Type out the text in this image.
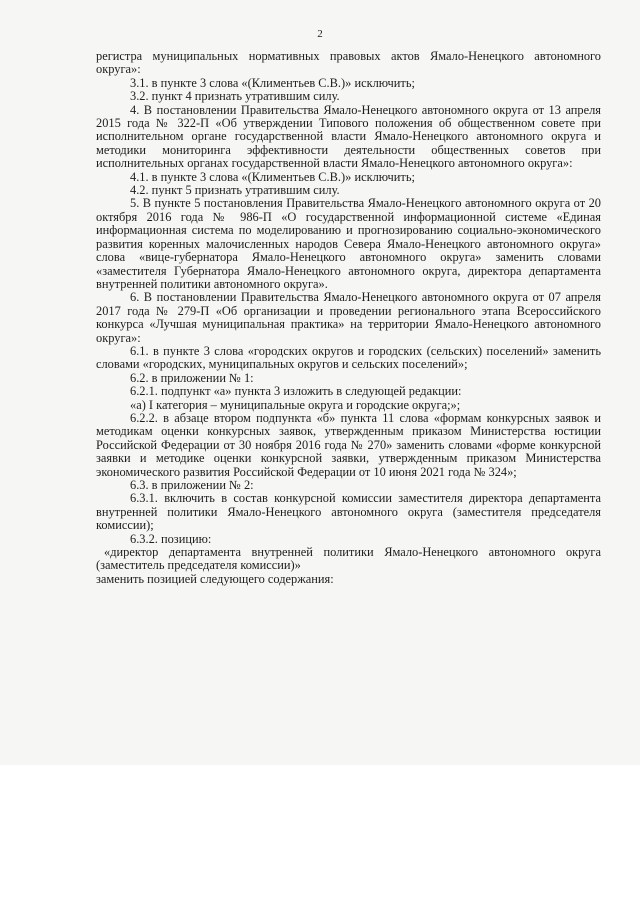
2

регистра муниципальных нормативных правовых актов Ямало-Ненецкого автономного округа»:

3.1. в пункте 3 слова «(Климентьев С.В.)» исключить;

3.2. пункт 4 признать утратившим силу.

4. В постановлении Правительства Ямало-Ненецкого автономного округа от 13 апреля 2015 года № 322-П «Об утверждении Типового положения об общественном совете при исполнительном органе государственной власти Ямало-Ненецкого автономного округа и методики мониторинга эффективности деятельности общественных советов при исполнительных органах государственной власти Ямало-Ненецкого автономного округа»:

4.1. в пункте 3 слова «(Климентьев С.В.)» исключить;

4.2. пункт 5 признать утратившим силу.

5. В пункте 5 постановления Правительства Ямало-Ненецкого автономного округа от 20 октября 2016 года № 986-П «О государственной информационной системе «Единая информационная система по моделированию и прогнозированию социально-экономического развития коренных малочисленных народов Севера Ямало-Ненецкого автономного округа» слова «вице-губернатора Ямало-Ненецкого автономного округа» заменить словами «заместителя Губернатора Ямало-Ненецкого автономного округа, директора департамента внутренней политики автономного округа».

6. В постановлении Правительства Ямало-Ненецкого автономного округа от 07 апреля 2017 года № 279-П «Об организации и проведении регионального этапа Всероссийского конкурса «Лучшая муниципальная практика» на территории Ямало-Ненецкого автономного округа»:

6.1. в пункте 3 слова «городских округов и городских (сельских) поселений» заменить словами «городских, муниципальных округов и сельских поселений»;

6.2. в приложении № 1:

6.2.1. подпункт «а» пункта 3 изложить в следующей редакции:

«а) I категория – муниципальные округа и городские округа;»;

6.2.2. в абзаце втором подпункта «б» пункта 11 слова «формам конкурсных заявок и методикам оценки конкурсных заявок, утвержденным приказом Министерства юстиции Российской Федерации от 30 ноября 2016 года № 270» заменить словами «форме конкурсной заявки и методике оценки конкурсной заявки, утвержденным приказом Министерства экономического развития Российской Федерации от 10 июня 2021 года № 324»;

6.3. в приложении № 2:

6.3.1. включить в состав конкурсной комиссии заместителя директора департамента внутренней политики Ямало-Ненецкого автономного округа (заместителя председателя комиссии);

6.3.2. позицию:

«директор департамента внутренней политики Ямало-Ненецкого автономного округа (заместитель председателя комиссии)»

заменить позицией следующего содержания:
